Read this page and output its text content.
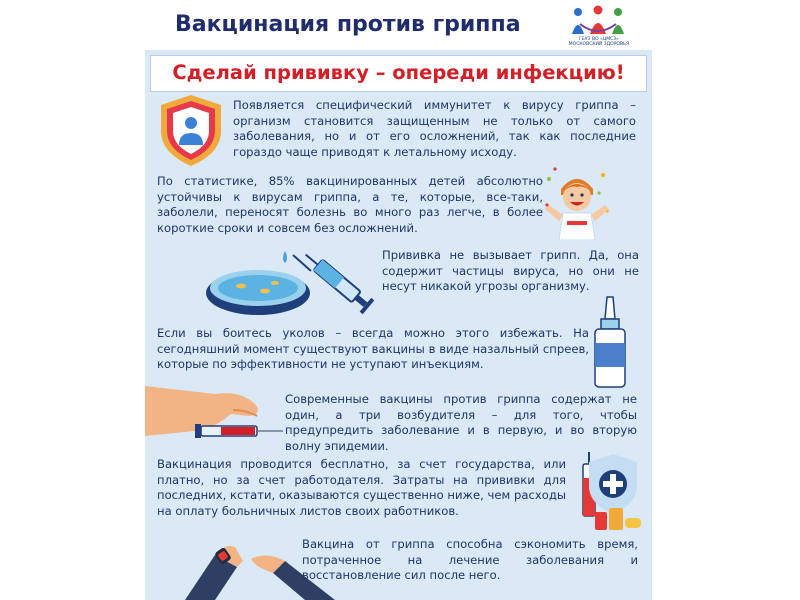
Вакцинация против гриппа
ГБУЗ ВО «ЦМСЗ»
МОСКОВСКИЙ ЗДОРОВЬЯ
Сделай прививку – опереди инфекцию!
Появляется специфический иммунитет к вирусу гриппа – организм становится защищенным не только от самого заболевания, но и от его осложнений, так как последние гораздо чаще приводят к летальному исходу.
По статистике, 85% вакцинированных детей абсолютно устойчивы к вирусам гриппа, а те, которые, все-таки, заболели, переносят болезнь во много раз легче, в более короткие сроки и совсем без осложнений.
Прививка не вызывает грипп. Да, она содержит частицы вируса, но они не несут никакой угрозы организму.
Если вы боитесь уколов – всегда можно этого избежать. На сегодняшний момент существуют вакцины в виде назальный спреев, которые по эффективности не уступают инъекциям.
Современные вакцины против гриппа содержат не один, а три возбудителя – для того, чтобы предупредить заболевание и в первую, и во вторую волну эпидемии.
Вакцинация проводится бесплатно, за счет государства, или платно, но за счет работодателя. Затраты на прививки для последних, кстати, оказываются существенно ниже, чем расходы на оплату больничных листов своих работников.
Вакцина от гриппа способна сэкономить время, потраченное на лечение заболевания и восстановление сил после него.
